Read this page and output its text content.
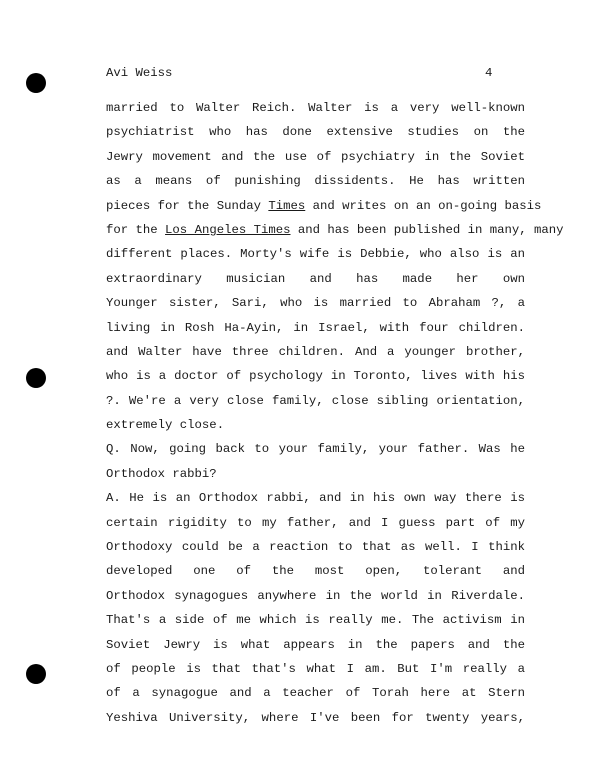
Avi Weiss	4
married to Walter Reich. Walter is a very well-known
psychiatrist who has done extensive studies on the
Jewry movement and the use of psychiatry in the Soviet
as a means of punishing dissidents. He has written
pieces for the Sunday Times and writes on an on-going basis
for the Los Angeles Times and has been published in many, many
different places. Morty's wife is Debbie, who also is an
extraordinary musician and has made her own
Younger sister, Sari, who is married to Abraham ?, a
living in Rosh Ha-Ayin, in Israel, with four children.
and Walter have three children. And a younger brother,
who is a doctor of psychology in Toronto, lives with his
?. We're a very close family, close sibling orientation,
extremely close.
Q. Now, going back to your family, your father. Was he
Orthodox rabbi?
A. He is an Orthodox rabbi, and in his own way there is
certain rigidity to my father, and I guess part of my
Orthodoxy could be a reaction to that as well. I think
developed one of the most open, tolerant and
Orthodox synagogues anywhere in the world in Riverdale.
That's a side of me which is really me. The activism in
Soviet Jewry is what appears in the papers and the
of people is that that's what I am. But I'm really a
of a synagogue and a teacher of Torah here at Stern
Yeshiva University, where I've been for twenty years,
